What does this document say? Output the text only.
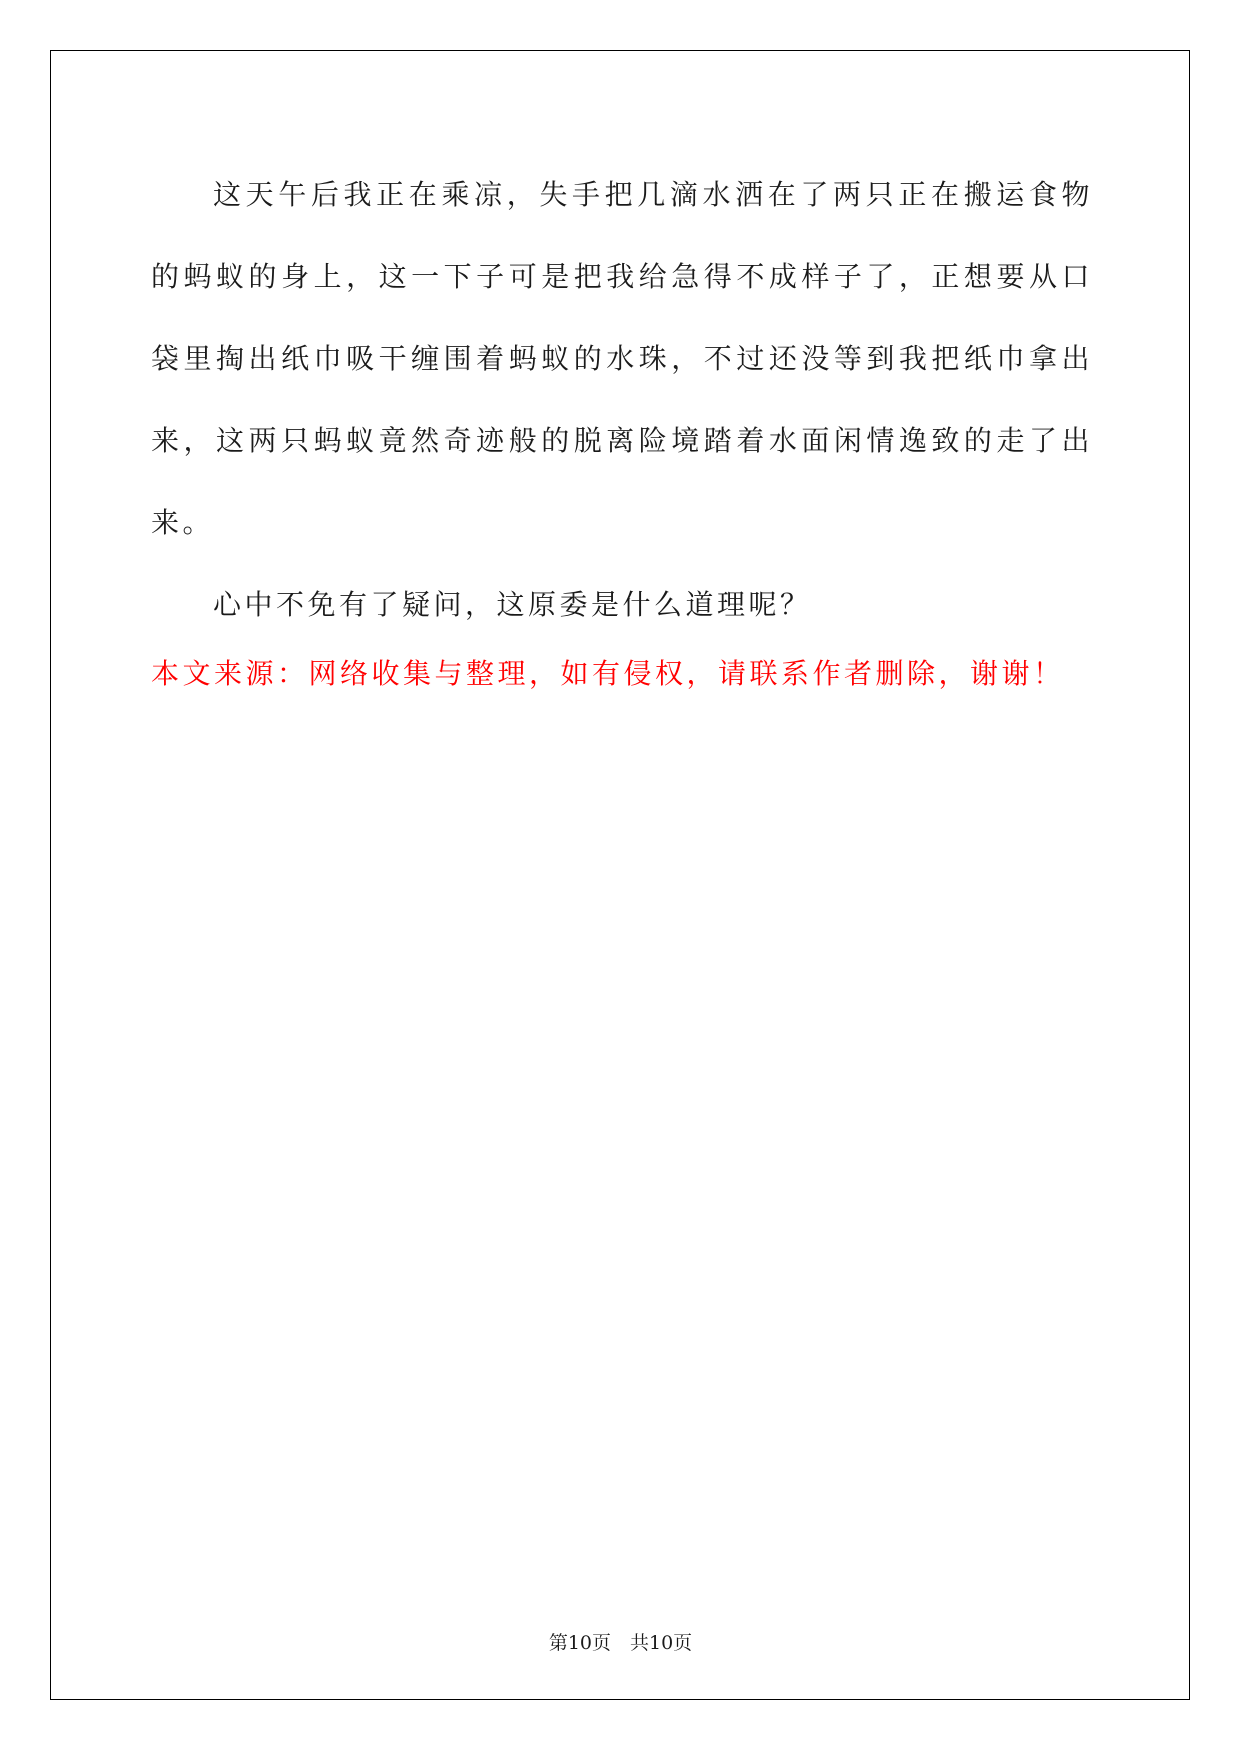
这天午后我正在乘凉，失手把几滴水洒在了两只正在搬运食物的蚂蚁的身上，这一下子可是把我给急得不成样子了，正想要从口袋里掏出纸巾吸干缠围着蚂蚁的水珠，不过还没等到我把纸巾拿出来，这两只蚂蚁竟然奇迹般的脱离险境踏着水面闲情逸致的走了出来。

心中不免有了疑问，这原委是什么道理呢？

本文来源：网络收集与整理，如有侵权，请联系作者删除，谢谢！

第10页　共10页
